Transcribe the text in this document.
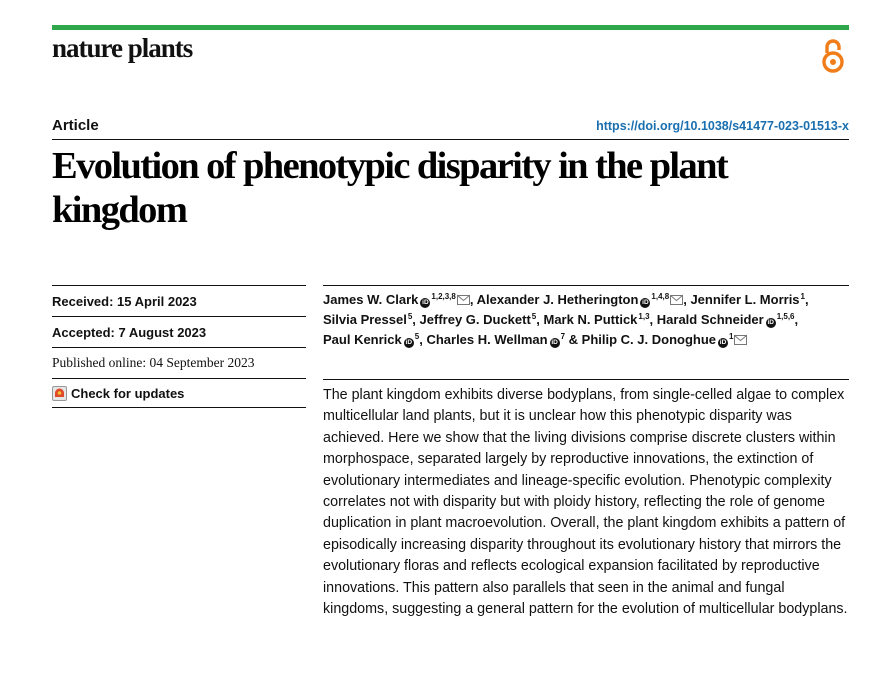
nature plants
Article	https://doi.org/10.1038/s41477-023-01513-x
Evolution of phenotypic disparity in the plant kingdom
Received: 15 April 2023
Accepted: 7 August 2023
Published online: 04 September 2023
Check for updates
James W. Clark iD$^{1,2,3,8}$ , Alexander J. Hetherington iD$^{1,4,8}$ , Jennifer L. Morris$^1$, Silvia Pressel$^5$, Jeffrey G. Duckett$^5$, Mark N. Puttick$^{1,3}$, Harald Schneider iD$^{1,5,6}$, Paul Kenrick $iD^5$, Charles H. Wellman $iD^7$ & Philip C. J. Donoghue $iD^1$

The plant kingdom exhibits diverse bodyplans, from single-celled algae to complex multicellular land plants, but it is unclear how this phenotypic disparity was achieved. Here we show that the living divisions comprise discrete clusters within morphospace, separated largely by reproductive innovations, the extinction of evolutionary intermediates and lineage-specific evolution. Phenotypic complexity correlates not with disparity but with ploidy history, reflecting the role of genome duplication in plant macroevolution. Overall, the plant kingdom exhibits a pattern of episodically increasing disparity throughout its evolutionary history that mirrors the evolutionary floras and reflects ecological expansion facilitated by reproductive innovations. This pattern also parallels that seen in the animal and fungal kingdoms, suggesting a general pattern for the evolution of multicellular bodyplans.
